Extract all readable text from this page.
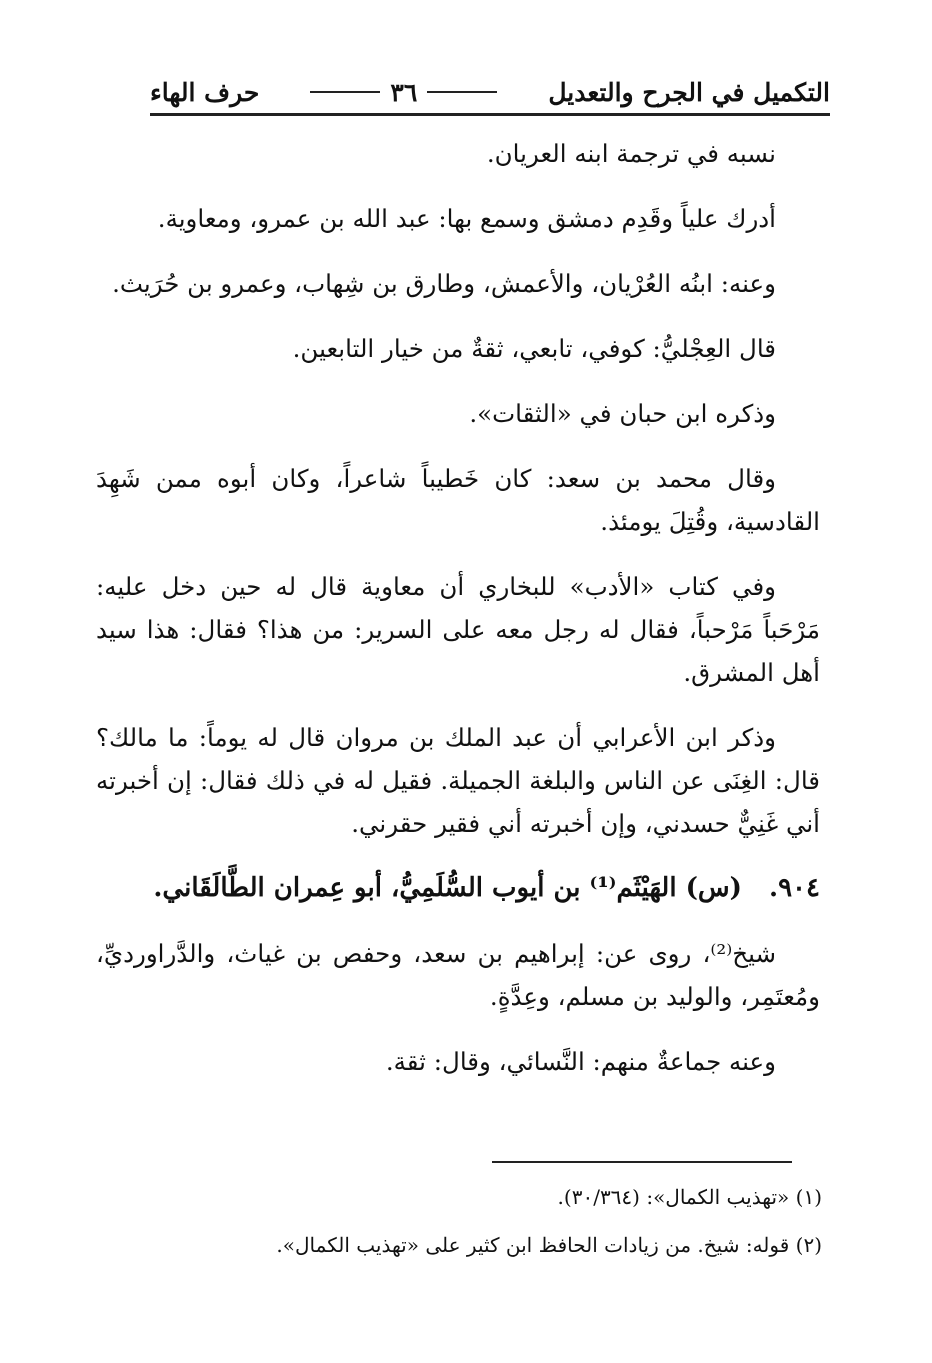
التكميل في الجرح والتعديل
٣٦
حرف الهاء

نسبه في ترجمة ابنه العريان.

أدرك علياً وقَدِم دمشق وسمع بها: عبد الله بن عمرو، ومعاوية.

وعنه: ابنُه العُرْيان، والأعمش، وطارق بن شِهاب، وعمرو بن حُرَيث.

قال العِجْليُّ: كوفي، تابعي، ثقةٌ من خيار التابعين.

وذكره ابن حبان في «الثقات».

وقال محمد بن سعد: كان خَطيباً شاعراً، وكان أبوه ممن شَهِدَ القادسية، وقُتِلَ يومئذ.

وفي كتاب «الأدب» للبخاري أن معاوية قال له حين دخل عليه: مَرْحَباً مَرْحباً، فقال له رجل معه على السرير: من هذا؟ فقال: هذا سيد أهل المشرق.

وذكر ابن الأعرابي أن عبد الملك بن مروان قال له يوماً: ما مالك؟ قال: الغِنَى عن الناس والبلغة الجميلة. فقيل له في ذلك فقال: إن أخبرته أني غَنِيٌّ حسدني، وإن أخبرته أني فقير حقرني.

٩٠٤. (س) الهَيْثَم⁽¹⁾ بن أيوب السُّلَمِيُّ، أبو عِمران الطَّالَقَاني.

شيخ⁽²⁾، روى عن: إبراهيم بن سعد، وحفص بن غياث، والدَّراورديِّ، ومُعتَمِر، والوليد بن مسلم، وعِدَّةٍ.

وعنه جماعةٌ منهم: النَّسائي، وقال: ثقة.

(١) «تهذيب الكمال»: (٣٠/٣٦٤).

(٢) قوله: شيخ. من زيادات الحافظ ابن كثير على «تهذيب الكمال».
